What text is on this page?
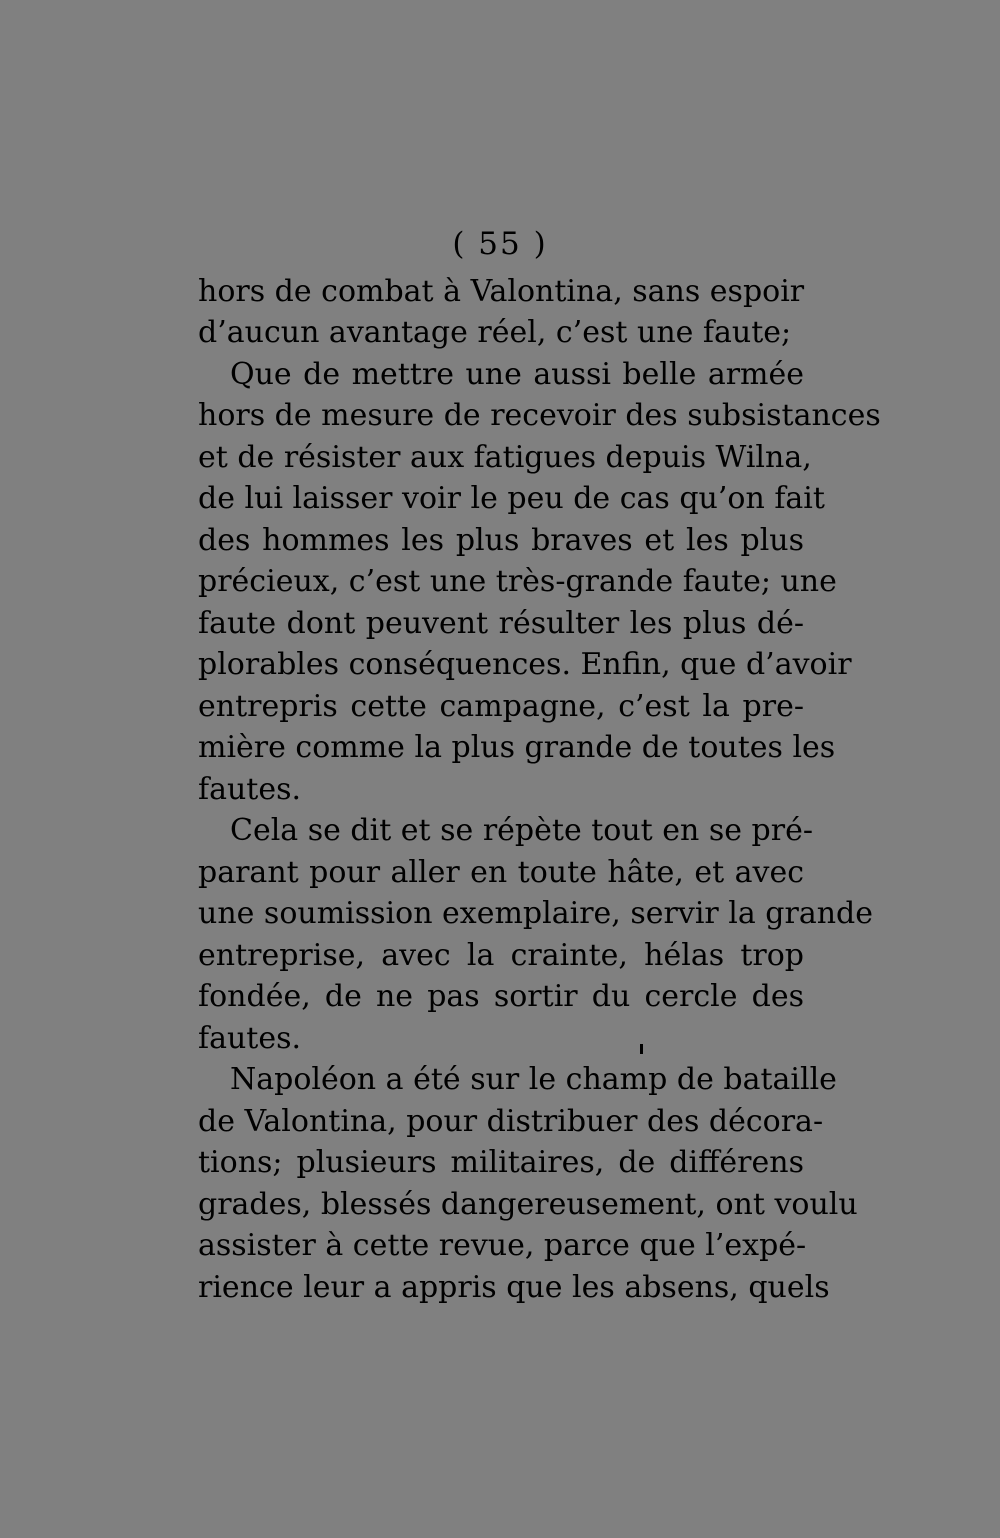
( 55 )
hors de combat à Valontina, sans espoir
d’aucun avantage réel, c’est une faute;
Que de mettre une aussi belle armée
hors de mesure de recevoir des subsistances
et de résister aux fatigues depuis Wilna,
de lui laisser voir le peu de cas qu’on fait
des hommes les plus braves et les plus
précieux, c’est une très-grande faute; une
faute dont peuvent résulter les plus dé-
plorables conséquences. Enfin, que d’avoir
entrepris cette campagne, c’est la pre-
mière comme la plus grande de toutes les
fautes.
Cela se dit et se répète tout en se pré-
parant pour aller en toute hâte, et avec
une soumission exemplaire, servir la grande
entreprise, avec la crainte, hélas trop
fondée, de ne pas sortir du cercle des
fautes.
Napoléon a été sur le champ de bataille
de Valontina, pour distribuer des décora-
tions; plusieurs militaires, de différens
grades, blessés dangereusement, ont voulu
assister à cette revue, parce que l’expé-
rience leur a appris que les absens, quels
